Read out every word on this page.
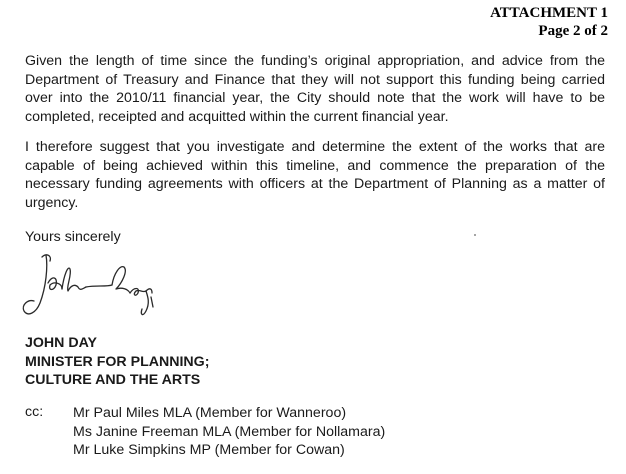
ATTACHMENT 1
Page 2 of 2

Given the length of time since the funding’s original appropriation, and advice from the Department of Treasury and Finance that they will not support this funding being carried over into the 2010/11 financial year, the City should note that the work will have to be completed, receipted and acquitted within the current financial year.

I therefore suggest that you investigate and determine the extent of the works that are capable of being achieved within this timeline, and commence the preparation of the necessary funding agreements with officers at the Department of Planning as a matter of urgency.

Yours sincerely

JOHN DAY
MINISTER FOR PLANNING;
CULTURE AND THE ARTS
cc: Mr Paul Miles MLA (Member for Wanneroo)
Ms Janine Freeman MLA (Member for Nollamara)
Mr Luke Simpkins MP (Member for Cowan)
